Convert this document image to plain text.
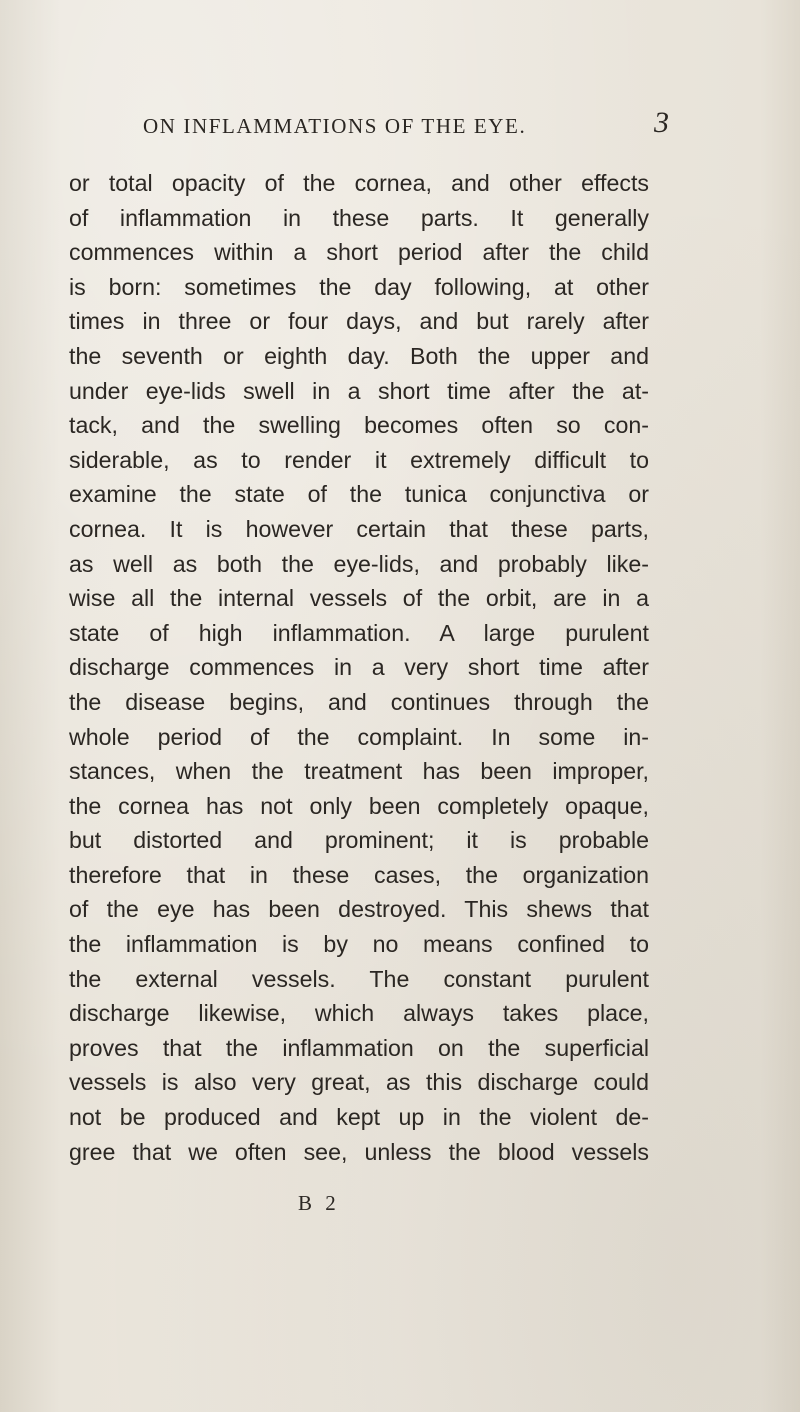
ON INFLAMMATIONS OF THE EYE.	3
or total opacity of the cornea, and other effects
of inflammation in these parts. It generally
commences within a short period after the child
is born: sometimes the day following, at other
times in three or four days, and but rarely after
the seventh or eighth day. Both the upper and
under eye-lids swell in a short time after the at-
tack, and the swelling becomes often so con-
siderable, as to render it extremely difficult to
examine the state of the tunica conjunctiva or
cornea. It is however certain that these parts,
as well as both the eye-lids, and probably like-
wise all the internal vessels of the orbit, are in a
state of high inflammation. A large purulent
discharge commences in a very short time after
the disease begins, and continues through the
whole period of the complaint. In some in-
stances, when the treatment has been improper,
the cornea has not only been completely opaque,
but distorted and prominent; it is probable
therefore that in these cases, the organization
of the eye has been destroyed. This shews that
the inflammation is by no means confined to
the external vessels. The constant purulent
discharge likewise, which always takes place,
proves that the inflammation on the superficial
vessels is also very great, as this discharge could
not be produced and kept up in the violent de-
gree that we often see, unless the blood vessels
B 2
